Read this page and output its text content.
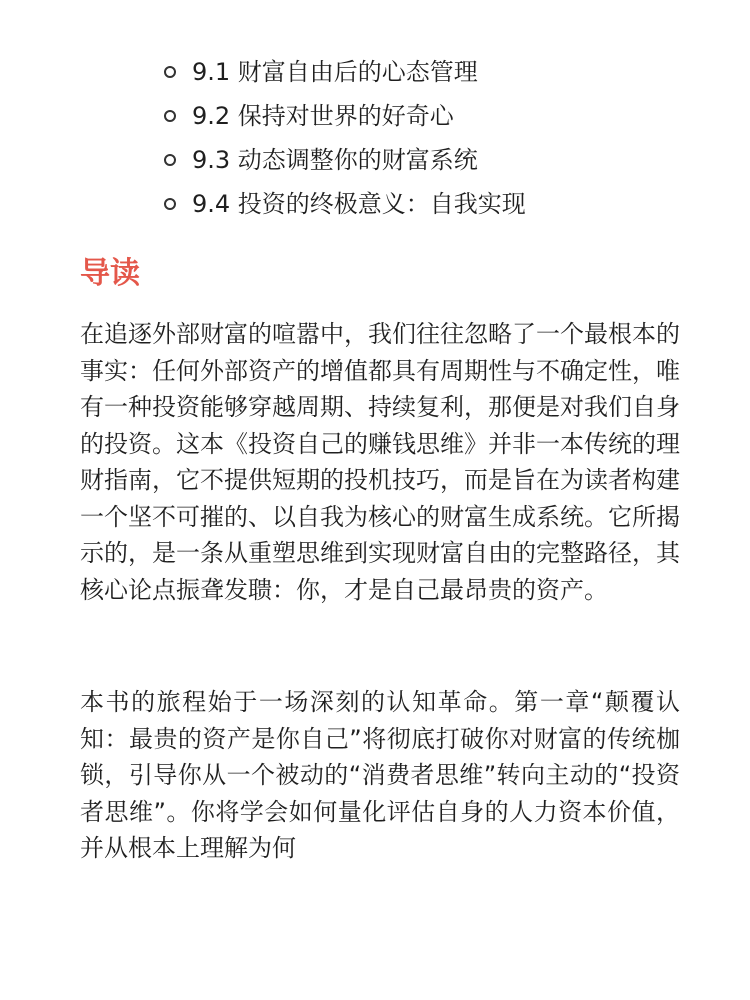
9.1 财富自由后的心态管理
9.2 保持对世界的好奇心
9.3 动态调整你的财富系统
9.4 投资的终极意义：自我实现
导读

在追逐外部财富的喧嚣中，我们往往忽略了一个最根本的事实：任何外部资产的增值都具有周期性与不确定性，唯有一种投资能够穿越周期、持续复利，那便是对我们自身的投资。这本《投资自己的赚钱思维》并非一本传统的理财指南，它不提供短期的投机技巧，而是旨在为读者构建一个坚不可摧的、以自我为核心的财富生成系统。它所揭示的，是一条从重塑思维到实现财富自由的完整路径，其核心论点振聋发聩：你，才是自己最昂贵的资产。

本书的旅程始于一场深刻的认知革命。第一章“颠覆认知：最贵的资产是你自己”将彻底打破你对财富的传统枷锁，引导你从一个被动的“消费者思维”转向主动的“投资者思维”。你将学会如何量化评估自身的人力资本价值，并从根本上理解为何
